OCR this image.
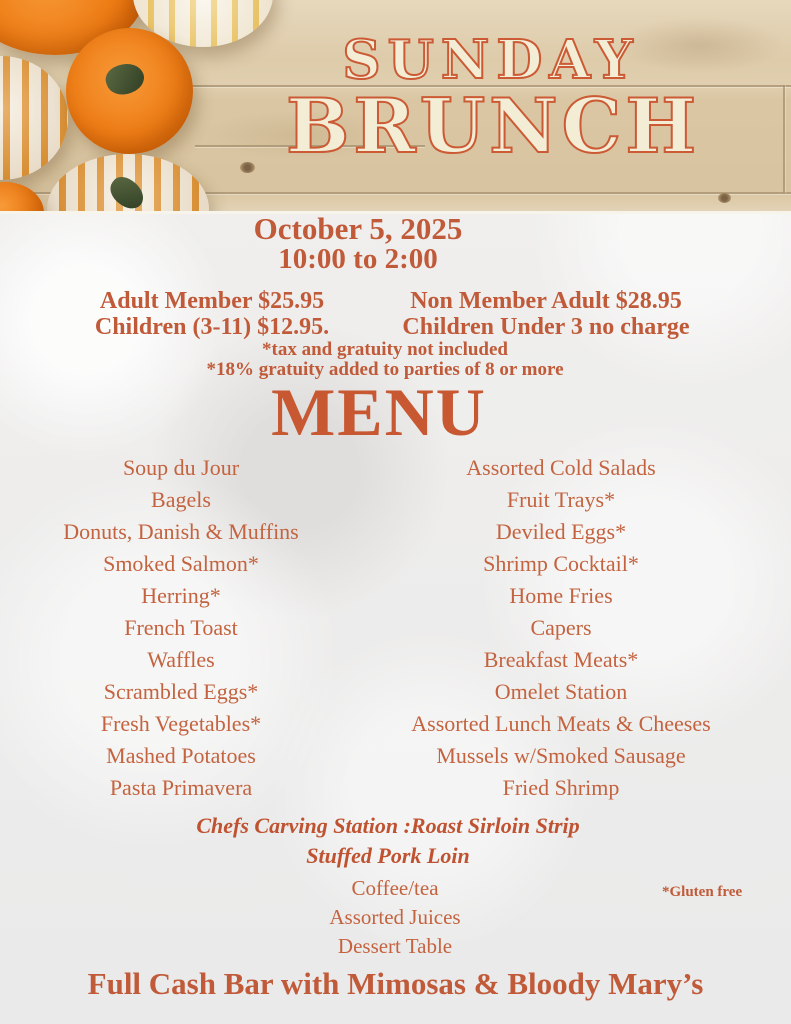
SUNDAY
BRUNCH
October 5, 2025
10:00 to 2:00
Adult Member $25.95
Children (3-11) $12.95.
Non Member Adult $28.95
Children Under 3 no charge
*tax and gratuity not included
*18% gratuity added to parties of 8 or more
MENU
Soup du Jour
Bagels
Donuts, Danish & Muffins
Smoked Salmon*
Herring*
French Toast
Waffles
Scrambled Eggs*
Fresh Vegetables*
Mashed Potatoes
Pasta Primavera
Assorted Cold Salads
Fruit Trays*
Deviled Eggs*
Shrimp Cocktail*
Home Fries
Capers
Breakfast Meats*
Omelet Station
Assorted Lunch Meats & Cheeses
Mussels w/Smoked Sausage
Fried Shrimp
Chefs Carving Station :Roast Sirloin Strip
Stuffed Pork Loin
Coffee/tea
Assorted Juices
Dessert Table
*Gluten free
Full Cash Bar with Mimosas & Bloody Mary’s
